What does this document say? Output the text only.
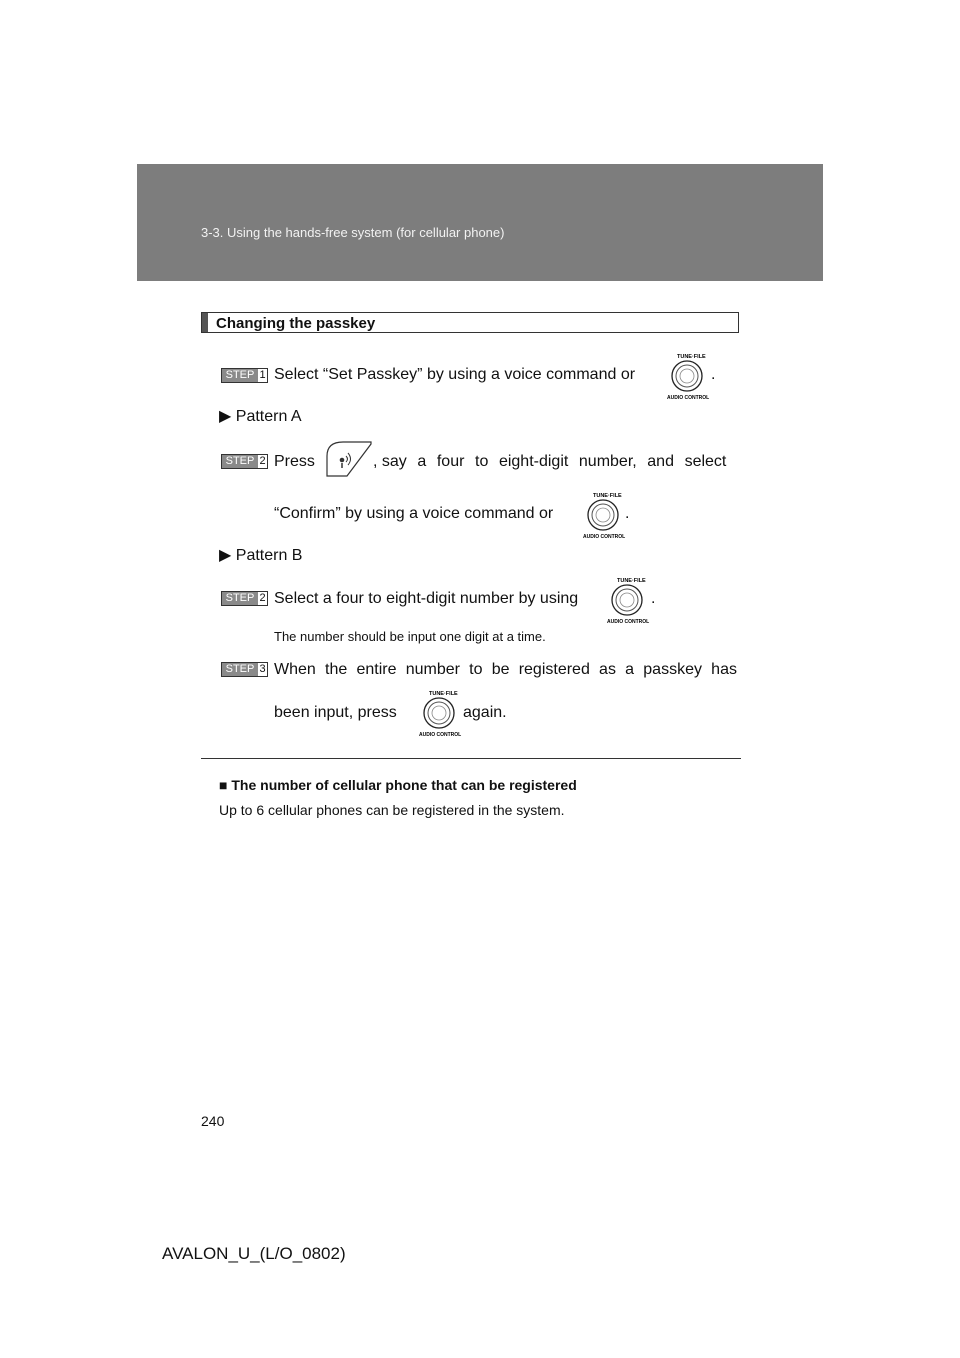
3-3. Using the hands-free system (for cellular phone)
Changing the passkey
STEP 1 Select “Set Passkey” by using a voice command or
TUNE·FILE
AUDIO CONTROL
.
▶ Pattern A
STEP 2 Press	, say a four to eight-digit number, and select
“Confirm” by using a voice command or
TUNE·FILE
AUDIO CONTROL
.
▶ Pattern B
STEP 2 Select a four to eight-digit number by using
TUNE·FILE
AUDIO CONTROL
.
The number should be input one digit at a time.
STEP 3 When the entire number to be registered as a passkey has
been input, press
TUNE·FILE
AUDIO CONTROL
again.
■ The number of cellular phone that can be registered
Up to 6 cellular phones can be registered in the system.
240
AVALON_U_(L/O_0802)
